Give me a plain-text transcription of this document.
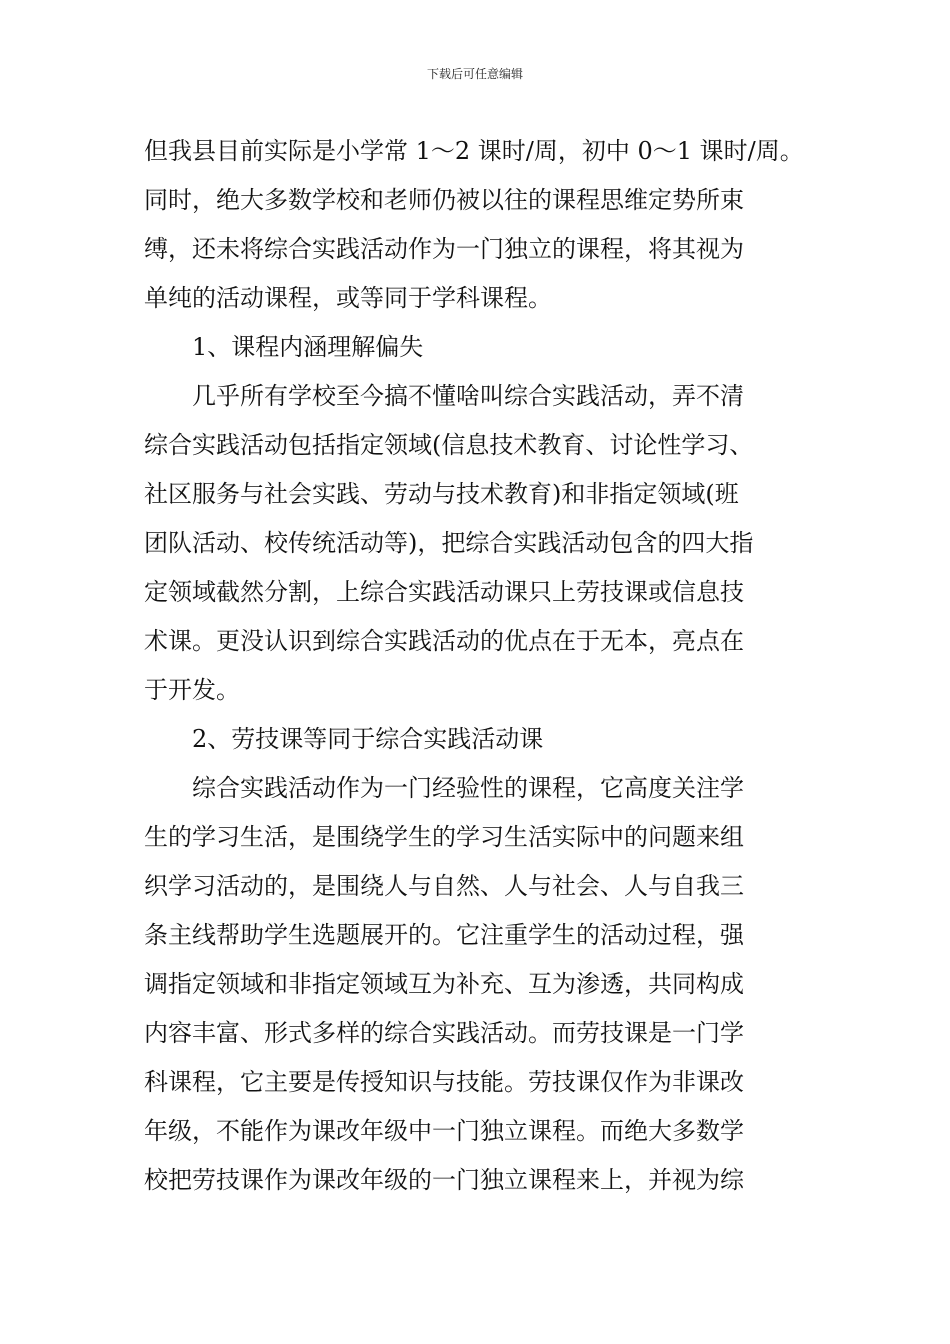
下载后可任意编辑
但我县目前实际是小学常 1～2 课时/周，初中 0～1 课时/周。
同时，绝大多数学校和老师仍被以往的课程思维定势所束
缚，还未将综合实践活动作为一门独立的课程，将其视为
单纯的活动课程，或等同于学科课程。
1、课程内涵理解偏失
几乎所有学校至今搞不懂啥叫综合实践活动，弄不清
综合实践活动包括指定领域(信息技术教育、讨论性学习、
社区服务与社会实践、劳动与技术教育)和非指定领域(班
团队活动、校传统活动等)，把综合实践活动包含的四大指
定领域截然分割，上综合实践活动课只上劳技课或信息技
术课。更没认识到综合实践活动的优点在于无本，亮点在
于开发。
2、劳技课等同于综合实践活动课
综合实践活动作为一门经验性的课程，它高度关注学
生的学习生活，是围绕学生的学习生活实际中的问题来组
织学习活动的，是围绕人与自然、人与社会、人与自我三
条主线帮助学生选题展开的。它注重学生的活动过程，强
调指定领域和非指定领域互为补充、互为渗透，共同构成
内容丰富、形式多样的综合实践活动。而劳技课是一门学
科课程，它主要是传授知识与技能。劳技课仅作为非课改
年级，不能作为课改年级中一门独立课程。而绝大多数学
校把劳技课作为课改年级的一门独立课程来上，并视为综
